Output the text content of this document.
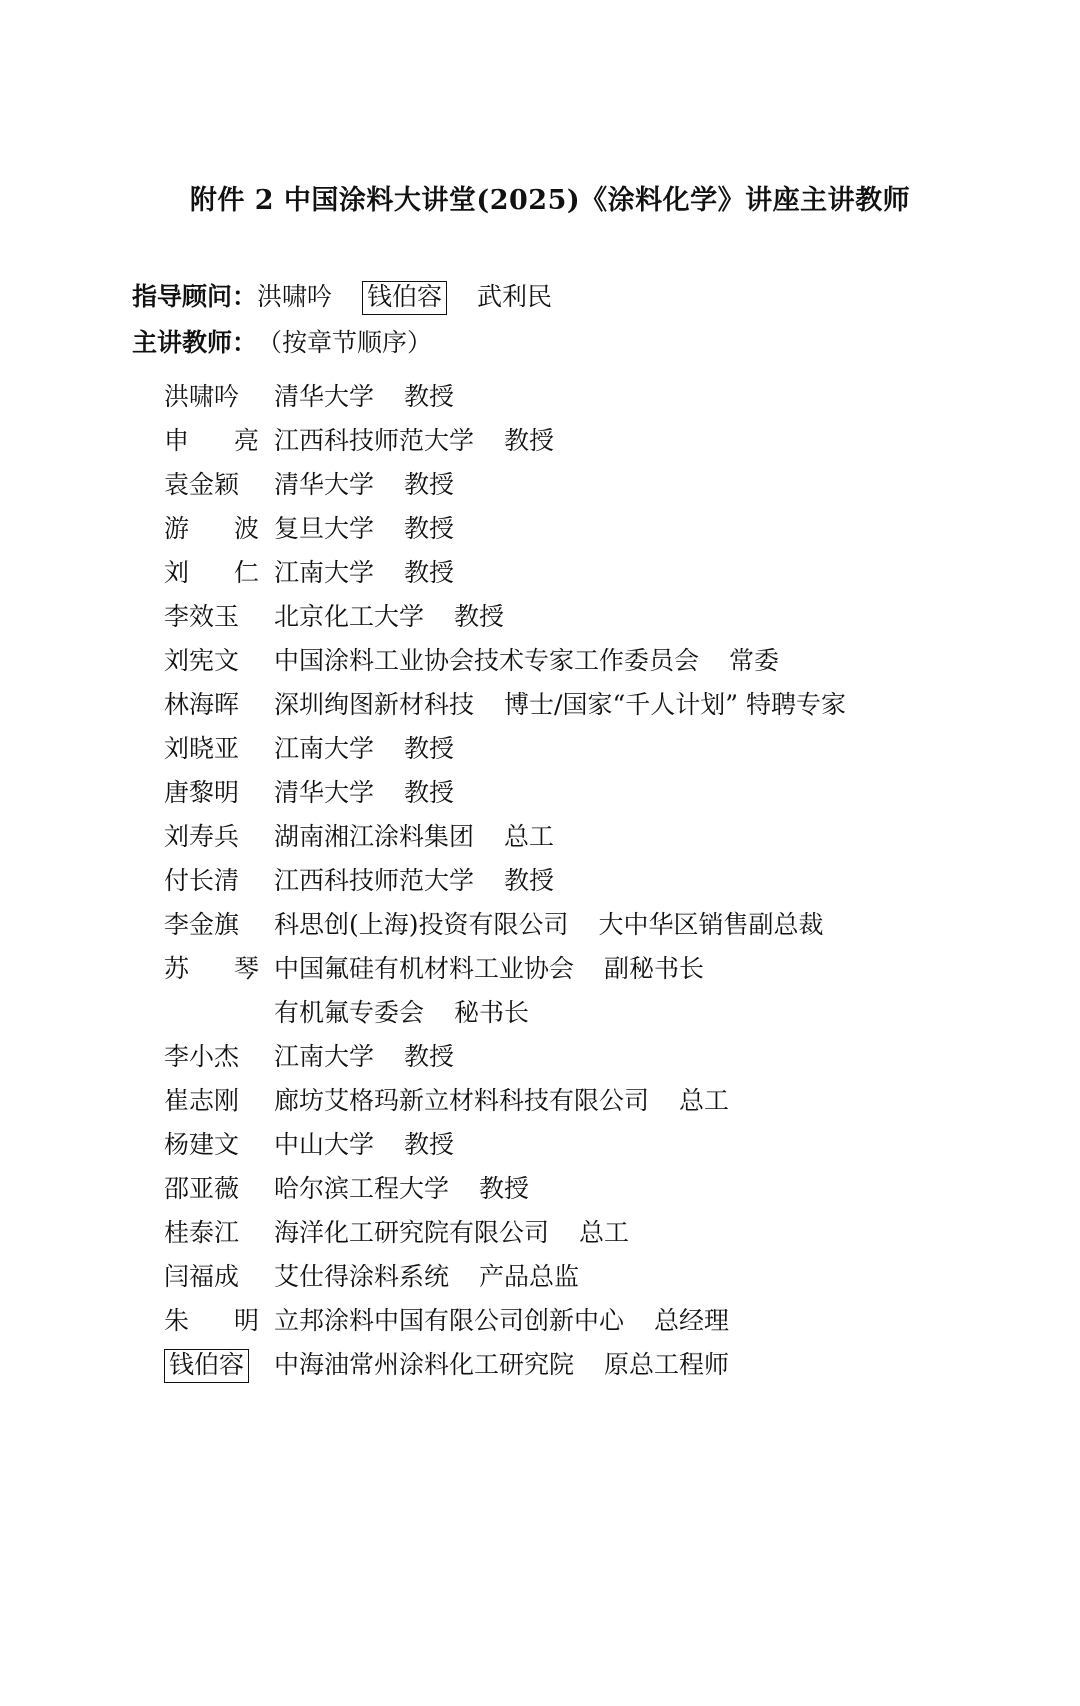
附件 2 中国涂料大讲堂(2025)《涂料化学》讲座主讲教师
指导顾问： 洪啸吟 钱伯容 武利民
主讲教师： （按章节顺序）
洪啸吟	清华大学 教授
申 亮 江西科技师范大学 教授
袁金颖	清华大学 教授
游 波 复旦大学 教授
刘 仁 江南大学 教授
李效玉	北京化工大学 教授
刘宪文	中国涂料工业协会技术专家工作委员会 常委
林海晖	深圳绚图新材科技 博士/国家“千人计划” 特聘专家
刘晓亚	江南大学 教授
唐黎明	清华大学 教授
刘寿兵	湖南湘江涂料集团 总工
付长清	江西科技师范大学 教授
李金旗	科思创(上海)投资有限公司 大中华区销售副总裁
苏 琴 中国氟硅有机材料工业协会 副秘书长
有机氟专委会 秘书长
李小杰	江南大学 教授
崔志刚	廊坊艾格玛新立材料科技有限公司 总工
杨建文	中山大学 教授
邵亚薇	哈尔滨工程大学 教授
桂泰江	海洋化工研究院有限公司 总工
闫福成	艾仕得涂料系统 产品总监
朱 明 立邦涂料中国有限公司创新中心 总经理
钱伯容	中海油常州涂料化工研究院 原总工程师
